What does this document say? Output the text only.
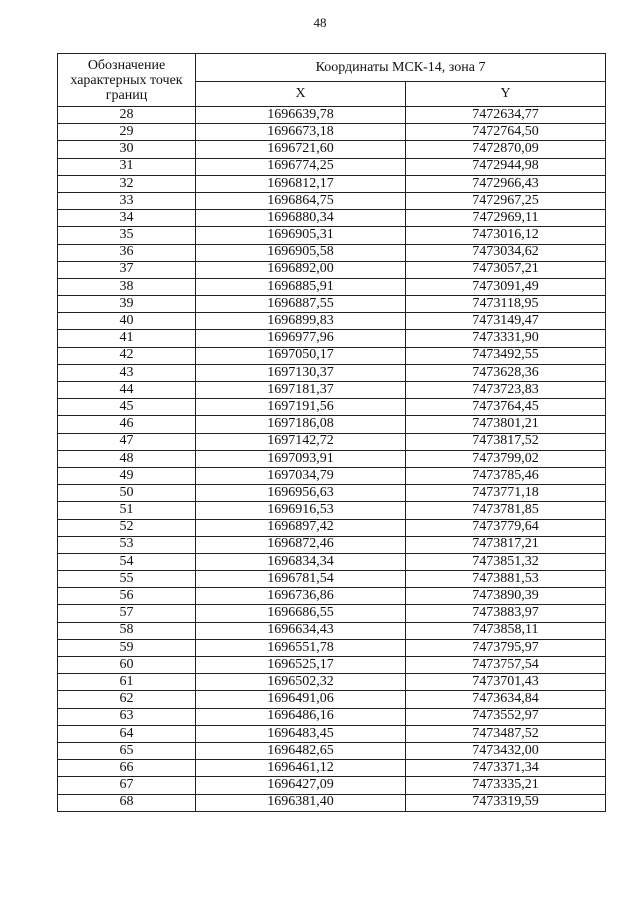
48
Обозначение
характерных точек
границ	Координаты МСК-14, зона 7	
	X	Y
28	1696639,78	7472634,77
29	1696673,18	7472764,50
30	1696721,60	7472870,09
31	1696774,25	7472944,98
32	1696812,17	7472966,43
33	1696864,75	7472967,25
34	1696880,34	7472969,11
35	1696905,31	7473016,12
36	1696905,58	7473034,62
37	1696892,00	7473057,21
38	1696885,91	7473091,49
39	1696887,55	7473118,95
40	1696899,83	7473149,47
41	1696977,96	7473331,90
42	1697050,17	7473492,55
43	1697130,37	7473628,36
44	1697181,37	7473723,83
45	1697191,56	7473764,45
46	1697186,08	7473801,21
47	1697142,72	7473817,52
48	1697093,91	7473799,02
49	1697034,79	7473785,46
50	1696956,63	7473771,18
51	1696916,53	7473781,85
52	1696897,42	7473779,64
53	1696872,46	7473817,21
54	1696834,34	7473851,32
55	1696781,54	7473881,53
56	1696736,86	7473890,39
57	1696686,55	7473883,97
58	1696634,43	7473858,11
59	1696551,78	7473795,97
60	1696525,17	7473757,54
61	1696502,32	7473701,43
62	1696491,06	7473634,84
63	1696486,16	7473552,97
64	1696483,45	7473487,52
65	1696482,65	7473432,00
66	1696461,12	7473371,34
67	1696427,09	7473335,21
68	1696381,40	7473319,59
